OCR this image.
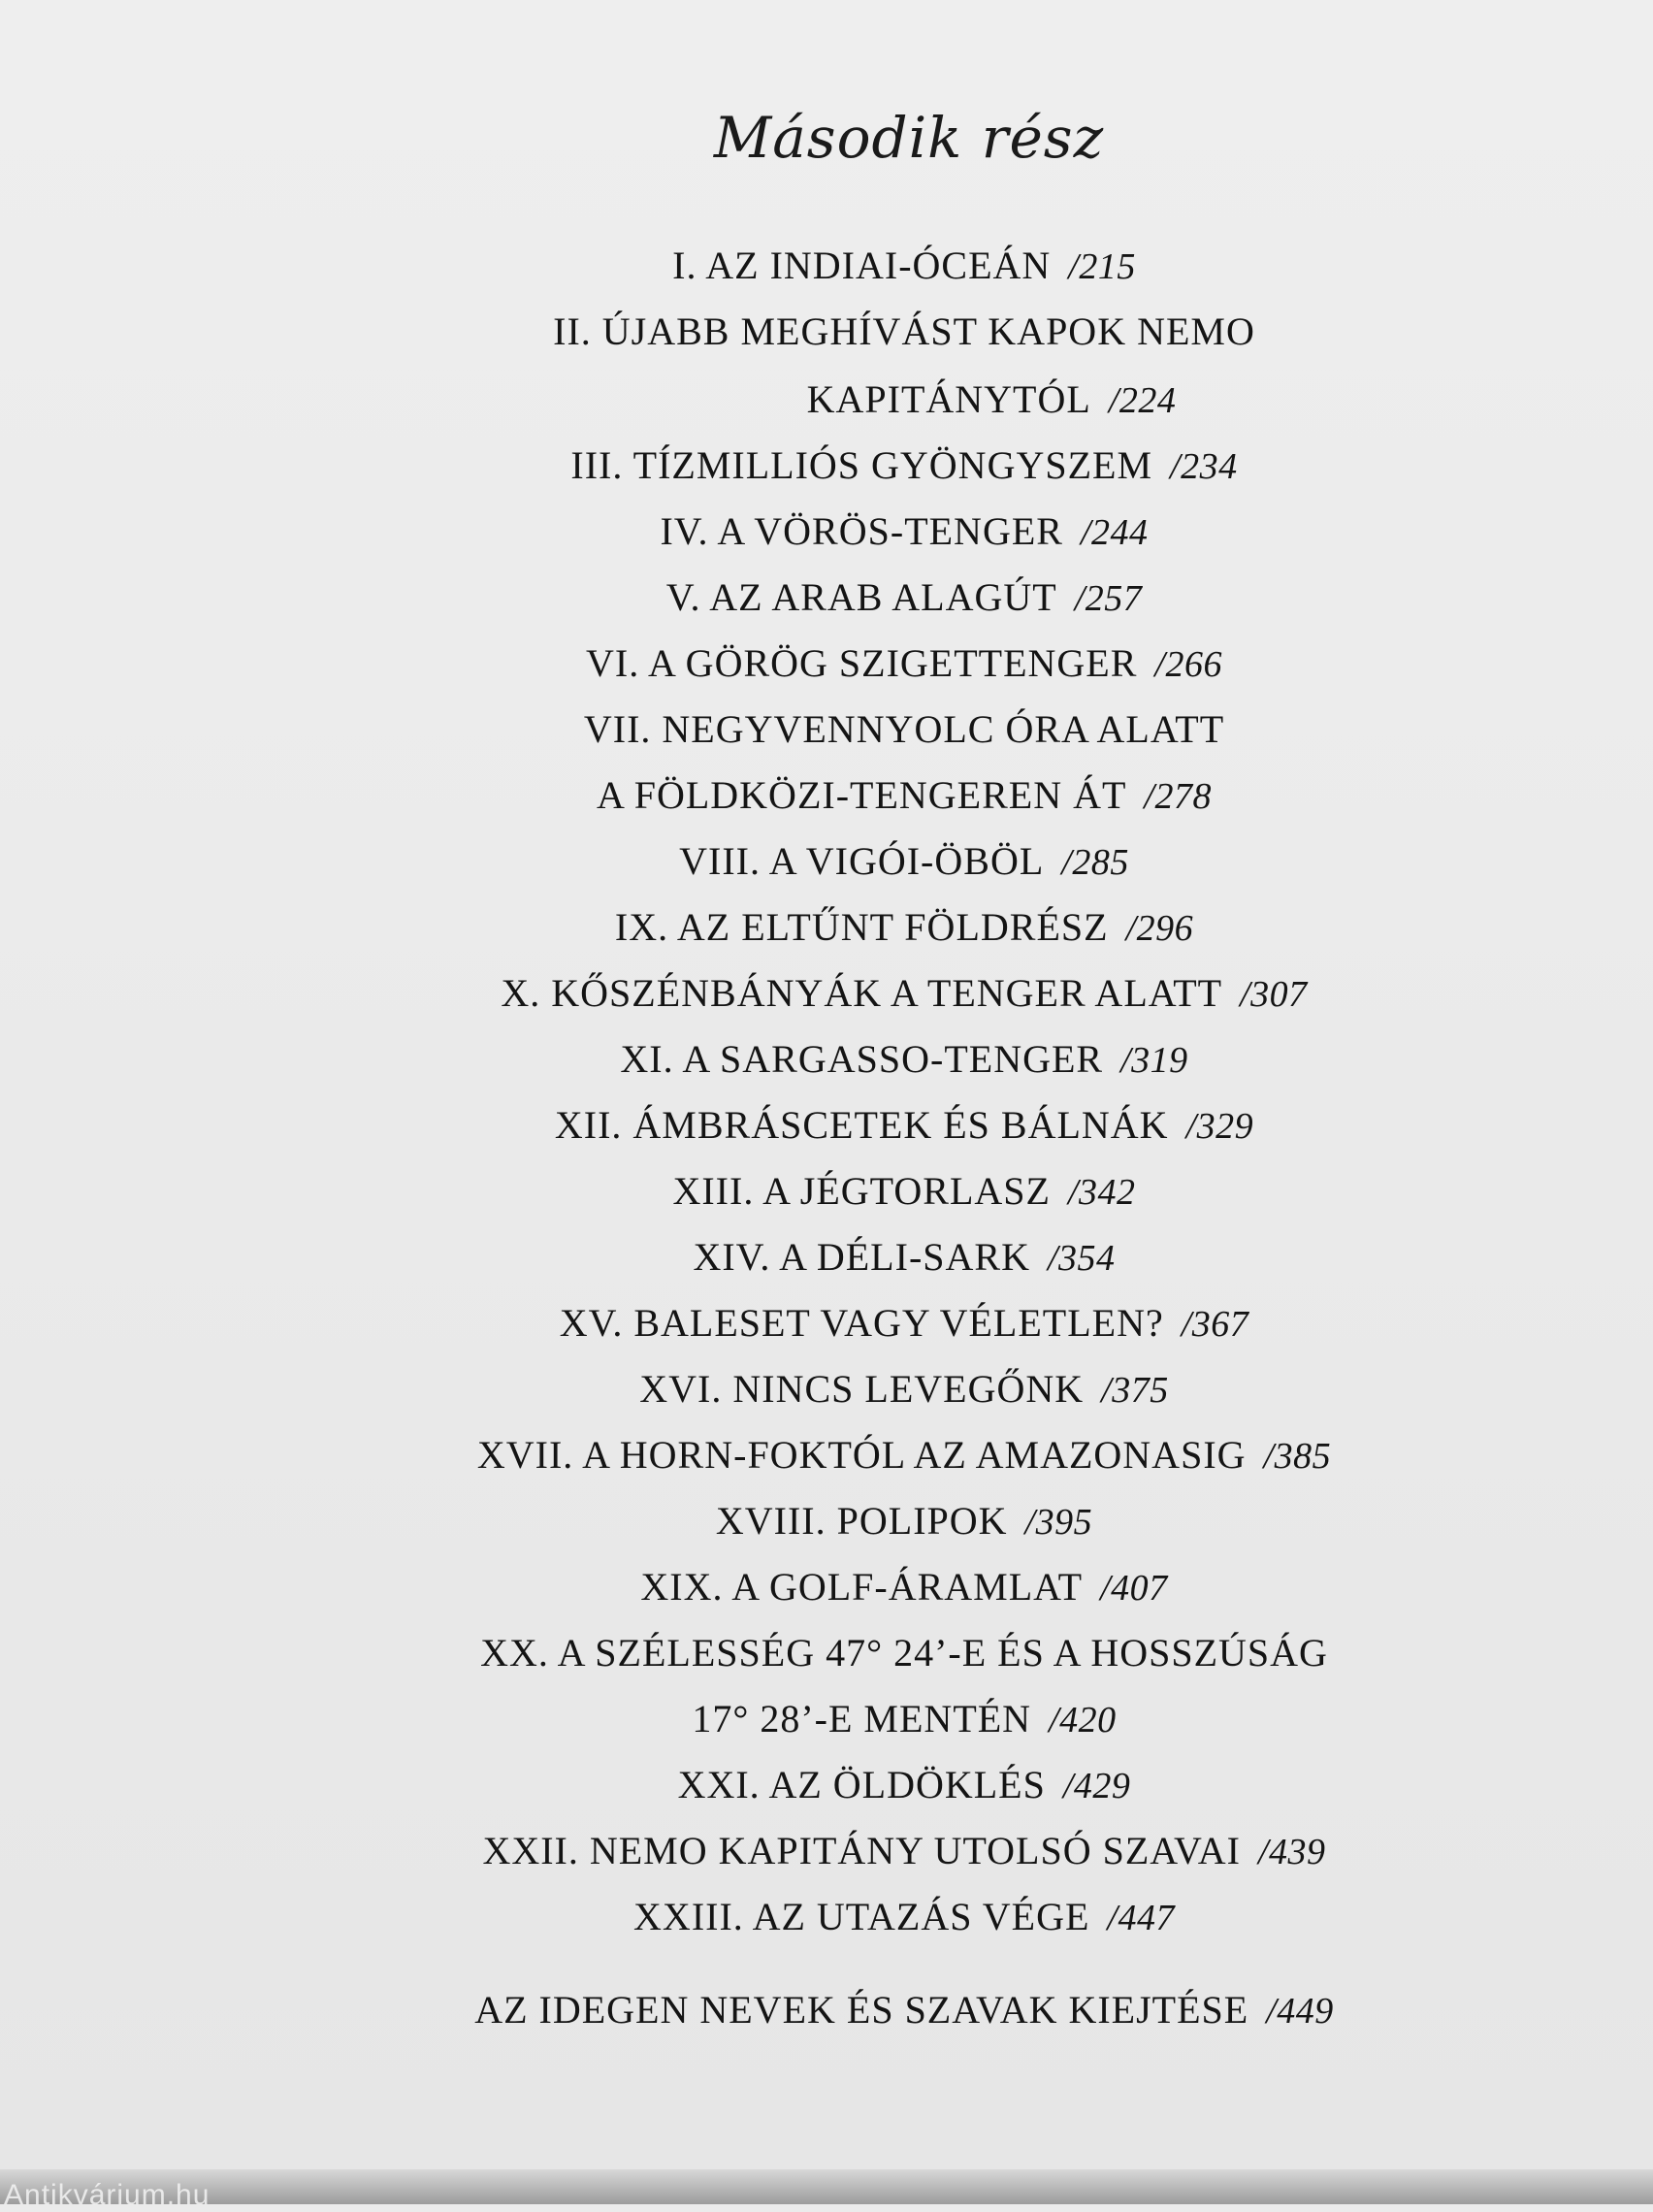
Második rész
I. AZ INDIAI-ÓCEÁN /215
II. ÚJABB MEGHÍVÁST KAPOK NEMO
KAPITÁNYTÓL /224
III. TÍZMILLIÓS GYÖNGYSZEM /234
IV. A VÖRÖS-TENGER /244
V. AZ ARAB ALAGÚT /257
VI. A GÖRÖG SZIGETTENGER /266
VII. NEGYVENNYOLC ÓRA ALATT
A FÖLDKÖZI-TENGEREN ÁT /278
VIII. A VIGÓI-ÖBÖL /285
IX. AZ ELTŰNT FÖLDRÉSZ /296
X. KŐSZÉNBÁNYÁK A TENGER ALATT /307
XI. A SARGASSO-TENGER /319
XII. ÁMBRÁSCETEK ÉS BÁLNÁK /329
XIII. A JÉGTORLASZ /342
XIV. A DÉLI-SARK /354
XV. BALESET VAGY VÉLETLEN? /367
XVI. NINCS LEVEGŐNK /375
XVII. A HORN-FOKTÓL AZ AMAZONASIG /385
XVIII. POLIPOK /395
XIX. A GOLF-ÁRAMLAT /407
XX. A SZÉLESSÉG 47° 24’-E ÉS A HOSSZÚSÁG
17° 28’-E MENTÉN /420
XXI. AZ ÖLDÖKLÉS /429
XXII. NEMO KAPITÁNY UTOLSÓ SZAVAI /439
XXIII. AZ UTAZÁS VÉGE /447
AZ IDEGEN NEVEK ÉS SZAVAK KIEJTÉSE /449
Antikvárium.hu
